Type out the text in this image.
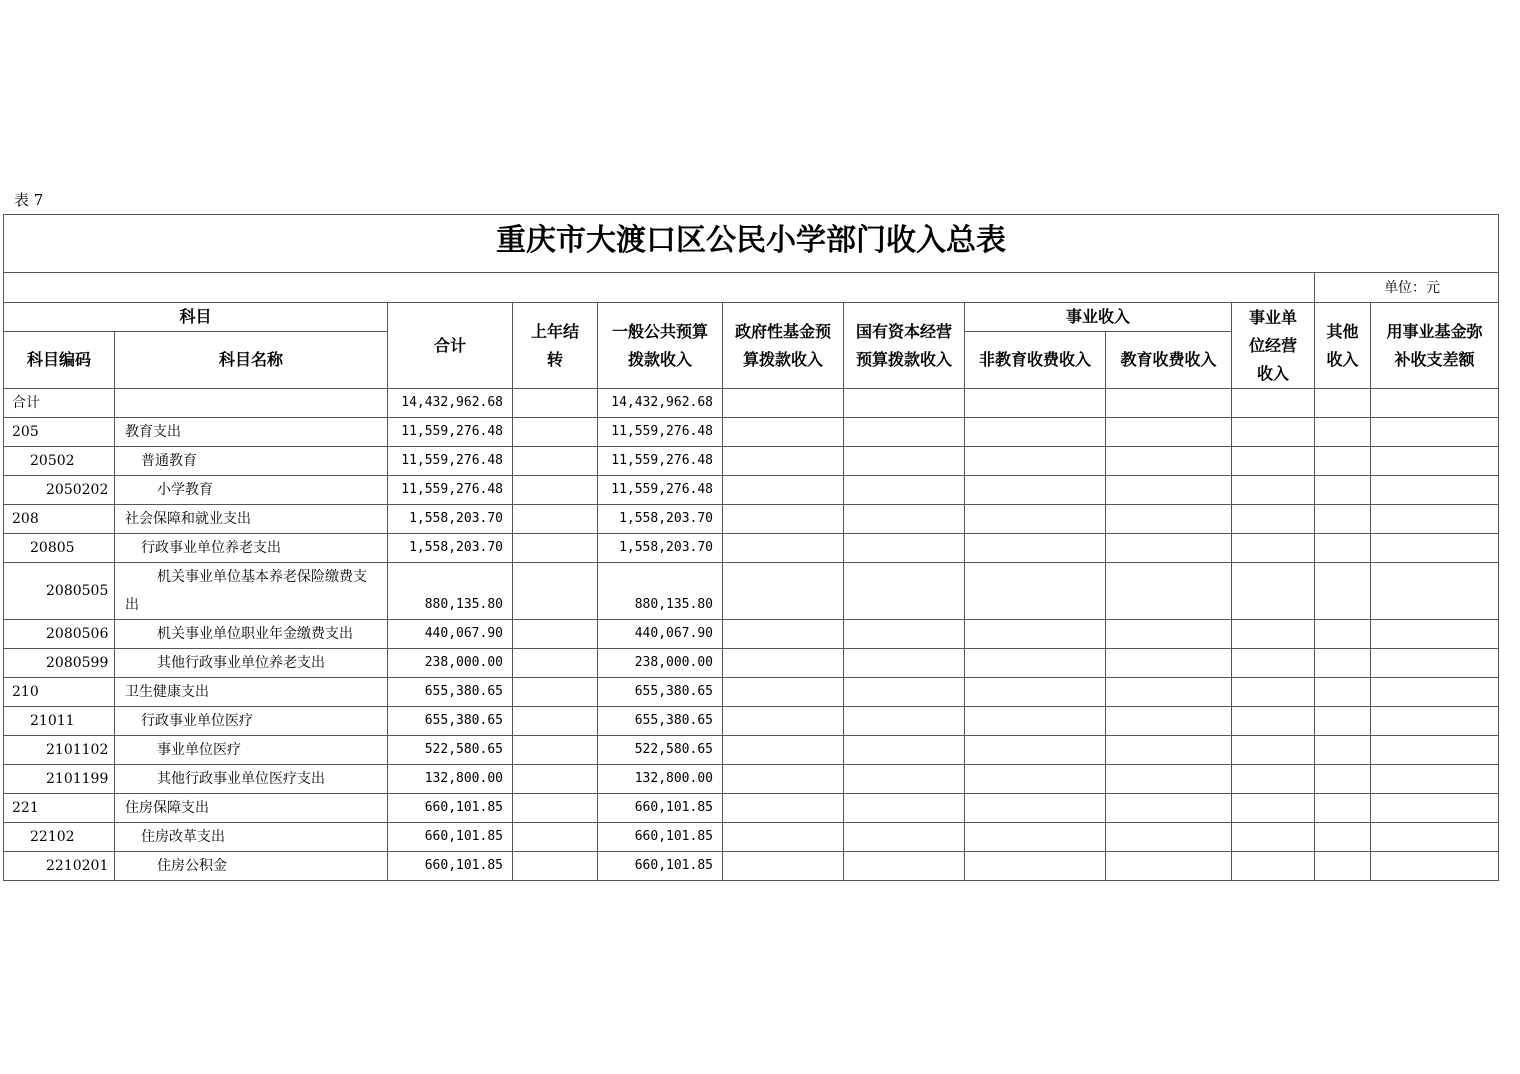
表 7
重庆市大渡口区公民小学部门收入总表											
										单位：元	
科目		合计	上年结转	一般公共预算拨款收入	政府性基金预算拨款收入	国有资本经营预算拨款收入	事业收入		事业单位经营收入	其他收入	用事业基金弥补收支差额
科目编码	科目名称						非教育收费收入	教育收费收入			
合计		14,432,962.68		14,432,962.68							
205	教育支出	11,559,276.48		11,559,276.48							
20502	普通教育	11,559,276.48		11,559,276.48							
2050202	小学教育	11,559,276.48		11,559,276.48							
208	社会保障和就业支出	1,558,203.70		1,558,203.70							
20805	行政事业单位养老支出	1,558,203.70		1,558,203.70							
2080505	机关事业单位基本养老保险缴费支出	880,135.80		880,135.80							
2080506	机关事业单位职业年金缴费支出	440,067.90		440,067.90							
2080599	其他行政事业单位养老支出	238,000.00		238,000.00							
210	卫生健康支出	655,380.65		655,380.65							
21011	行政事业单位医疗	655,380.65		655,380.65							
2101102	事业单位医疗	522,580.65		522,580.65							
2101199	其他行政事业单位医疗支出	132,800.00		132,800.00							
221	住房保障支出	660,101.85		660,101.85							
22102	住房改革支出	660,101.85		660,101.85							
2210201	住房公积金	660,101.85		660,101.85							
